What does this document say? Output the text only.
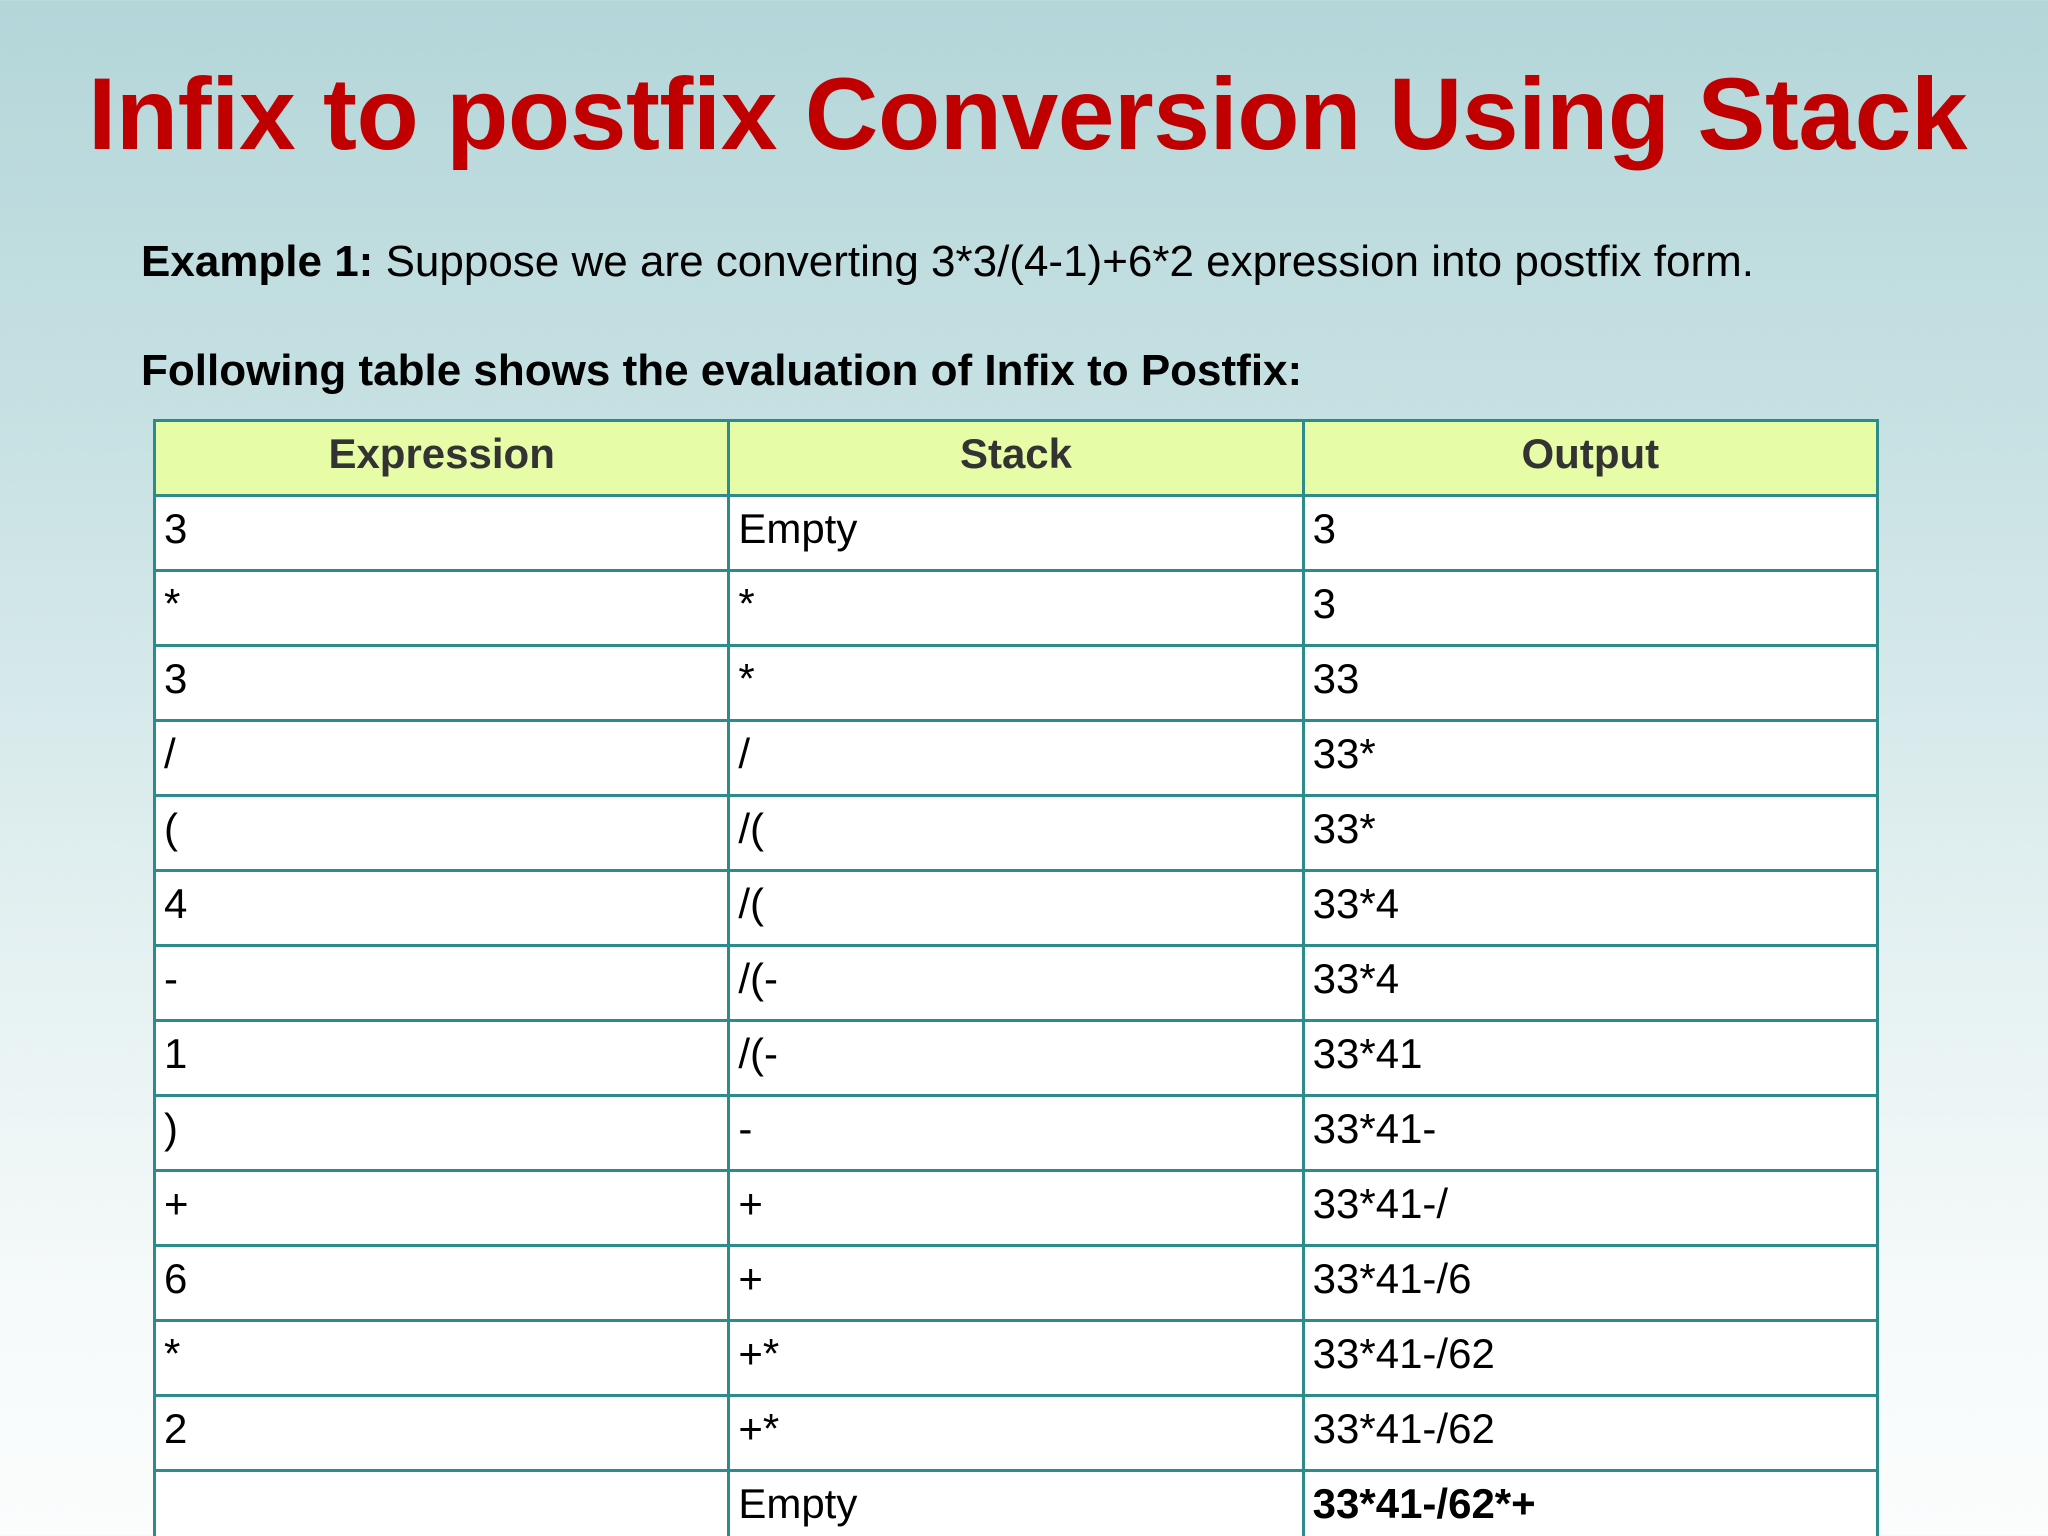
Infix to postfix Conversion Using Stack

Example 1: Suppose we are converting 3*3/(4-1)+6*2 expression into postfix form.

Following table shows the evaluation of Infix to Postfix:

Expression	Stack	Output
3	Empty	3
*	*	3
3	*	33
/	/	33*
(	/(	33*
4	/(	33*4
-	/(-	33*4
1	/(-	33*41
)	-	33*41-
+	+	33*41-/
6	+	33*41-/6
*	+*	33*41-/62
2	+*	33*41-/62
	Empty	33*41-/62*+
